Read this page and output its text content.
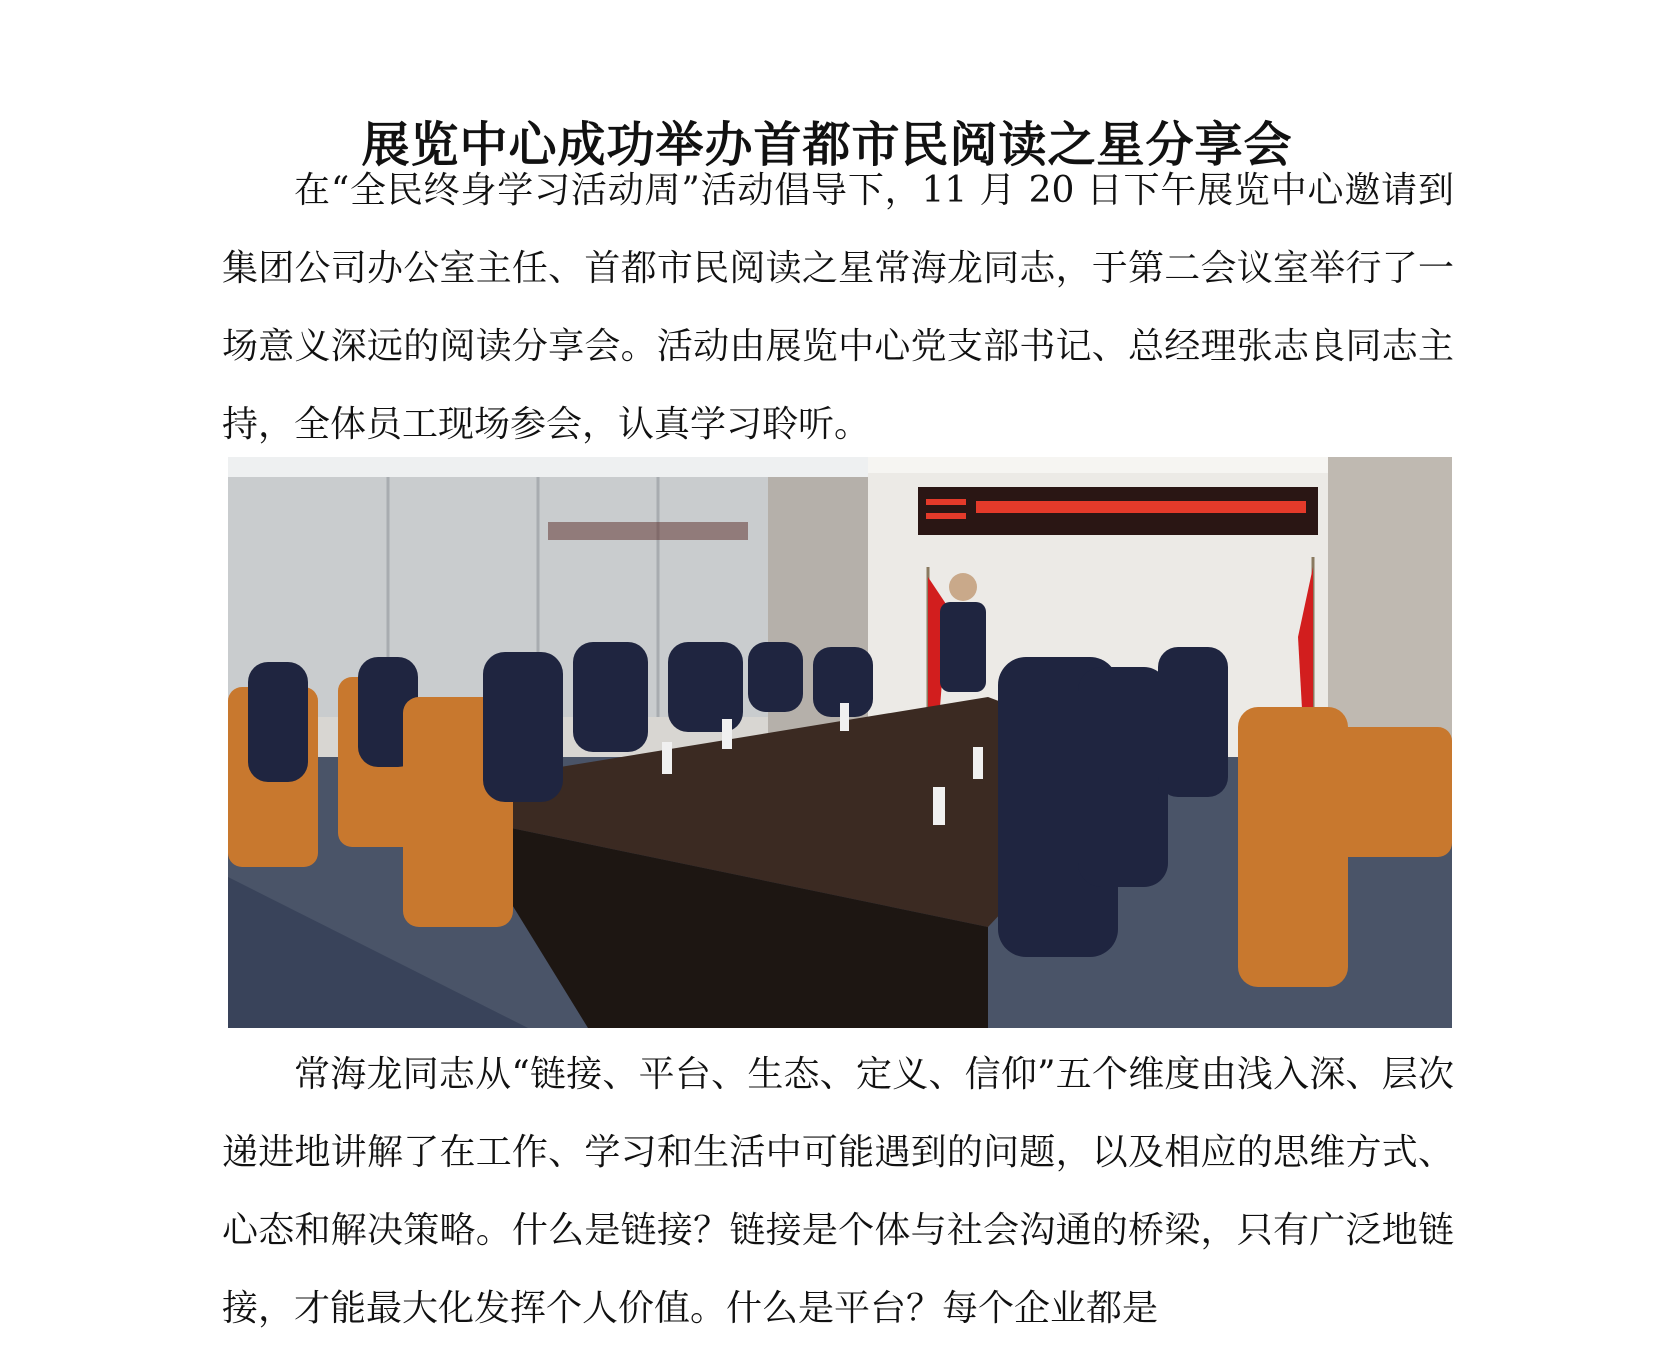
展览中心成功举办首都市民阅读之星分享会

在“全民终身学习活动周”活动倡导下，11 月 20 日下午展览中心邀请到集团公司办公室主任、首都市民阅读之星常海龙同志，于第二会议室举行了一场意义深远的阅读分享会。活动由展览中心党支部书记、总经理张志良同志主持，全体员工现场参会，认真学习聆听。

常海龙同志从“链接、平台、生态、定义、信仰”五个维度由浅入深、层次递进地讲解了在工作、学习和生活中可能遇到的问题，以及相应的思维方式、心态和解决策略。什么是链接？链接是个体与社会沟通的桥梁，只有广泛地链接，才能最大化发挥个人价值。什么是平台？每个企业都是
